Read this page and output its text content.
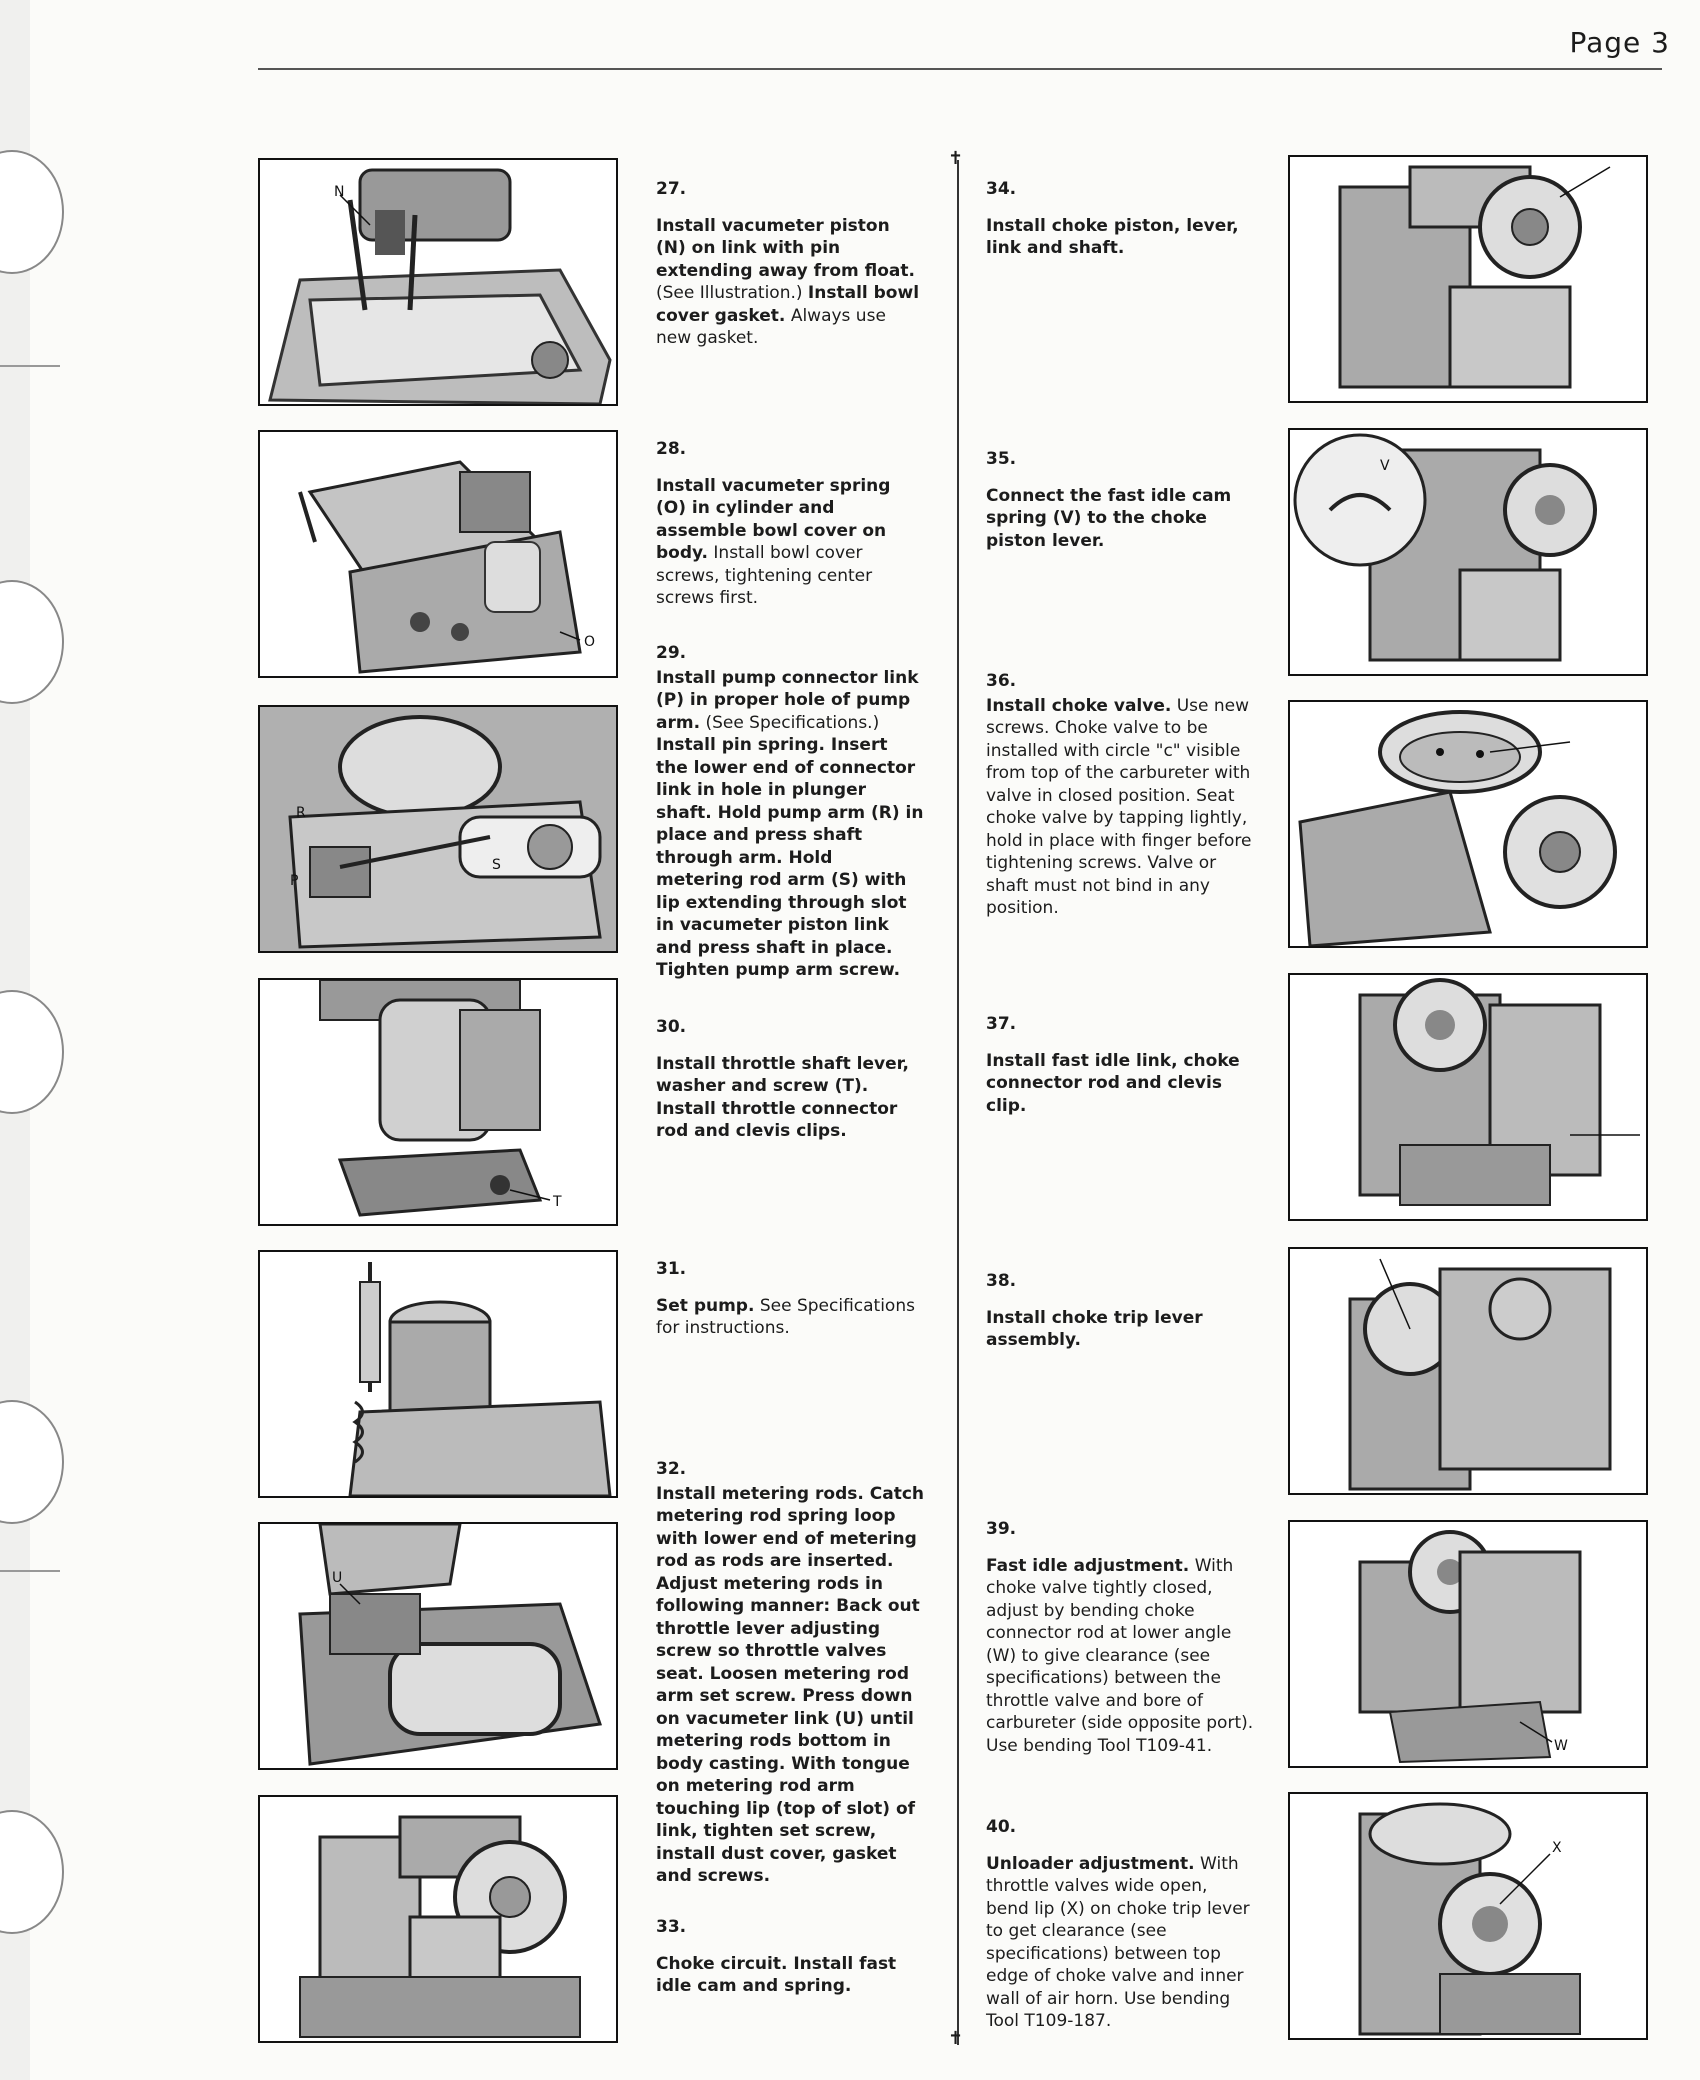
Page 3
✝
✝
N
O
R
P
S
T
U
V
W
X
27.
Install vacumeter piston (N) on link with pin extending away from float. (See Illustration.) Install bowl cover gasket. Always use new gasket.
28.
Install vacumeter spring (O) in cylinder and assemble bowl cover on body. Install bowl cover screws, tightening center screws first.
29.
Install pump connector link (P) in proper hole of pump arm. (See Specifications.) Install pin spring. Insert the lower end of connector link in hole in plunger shaft. Hold pump arm (R) in place and press shaft through arm. Hold metering rod arm (S) with lip extending through slot in vacumeter piston link and press shaft in place. Tighten pump arm screw.
30.
Install throttle shaft lever, washer and screw (T). Install throttle connector rod and clevis clips.
31.
Set pump. See Specifications for instructions.
32.
Install metering rods. Catch metering rod spring loop with lower end of metering rod as rods are inserted. Adjust metering rods in following manner: Back out throttle lever adjusting screw so throttle valves seat. Loosen metering rod arm set screw. Press down on vacumeter link (U) until metering rods bottom in body casting. With tongue on metering rod arm touching lip (top of slot) of link, tighten set screw, install dust cover, gasket and screws.
33.
Choke circuit. Install fast idle cam and spring.
34.
Install choke piston, lever, link and shaft.
35.
Connect the fast idle cam spring (V) to the choke piston lever.
36.
Install choke valve. Use new screws. Choke valve to be installed with circle "c" visible from top of the carbureter with valve in closed position. Seat choke valve by tapping lightly, hold in place with finger before tightening screws. Valve or shaft must not bind in any position.
37.
Install fast idle link, choke connector rod and clevis clip.
38.
Install choke trip lever assembly.
39.
Fast idle adjustment. With choke valve tightly closed, adjust by bending choke connector rod at lower angle (W) to give clearance (see specifications) between the throttle valve and bore of carbureter (side opposite port). Use bending Tool T109-41.
40.
Unloader adjustment. With throttle valves wide open, bend lip (X) on choke trip lever to get clearance (see specifications) between top edge of choke valve and inner wall of air horn. Use bending Tool T109-187.
